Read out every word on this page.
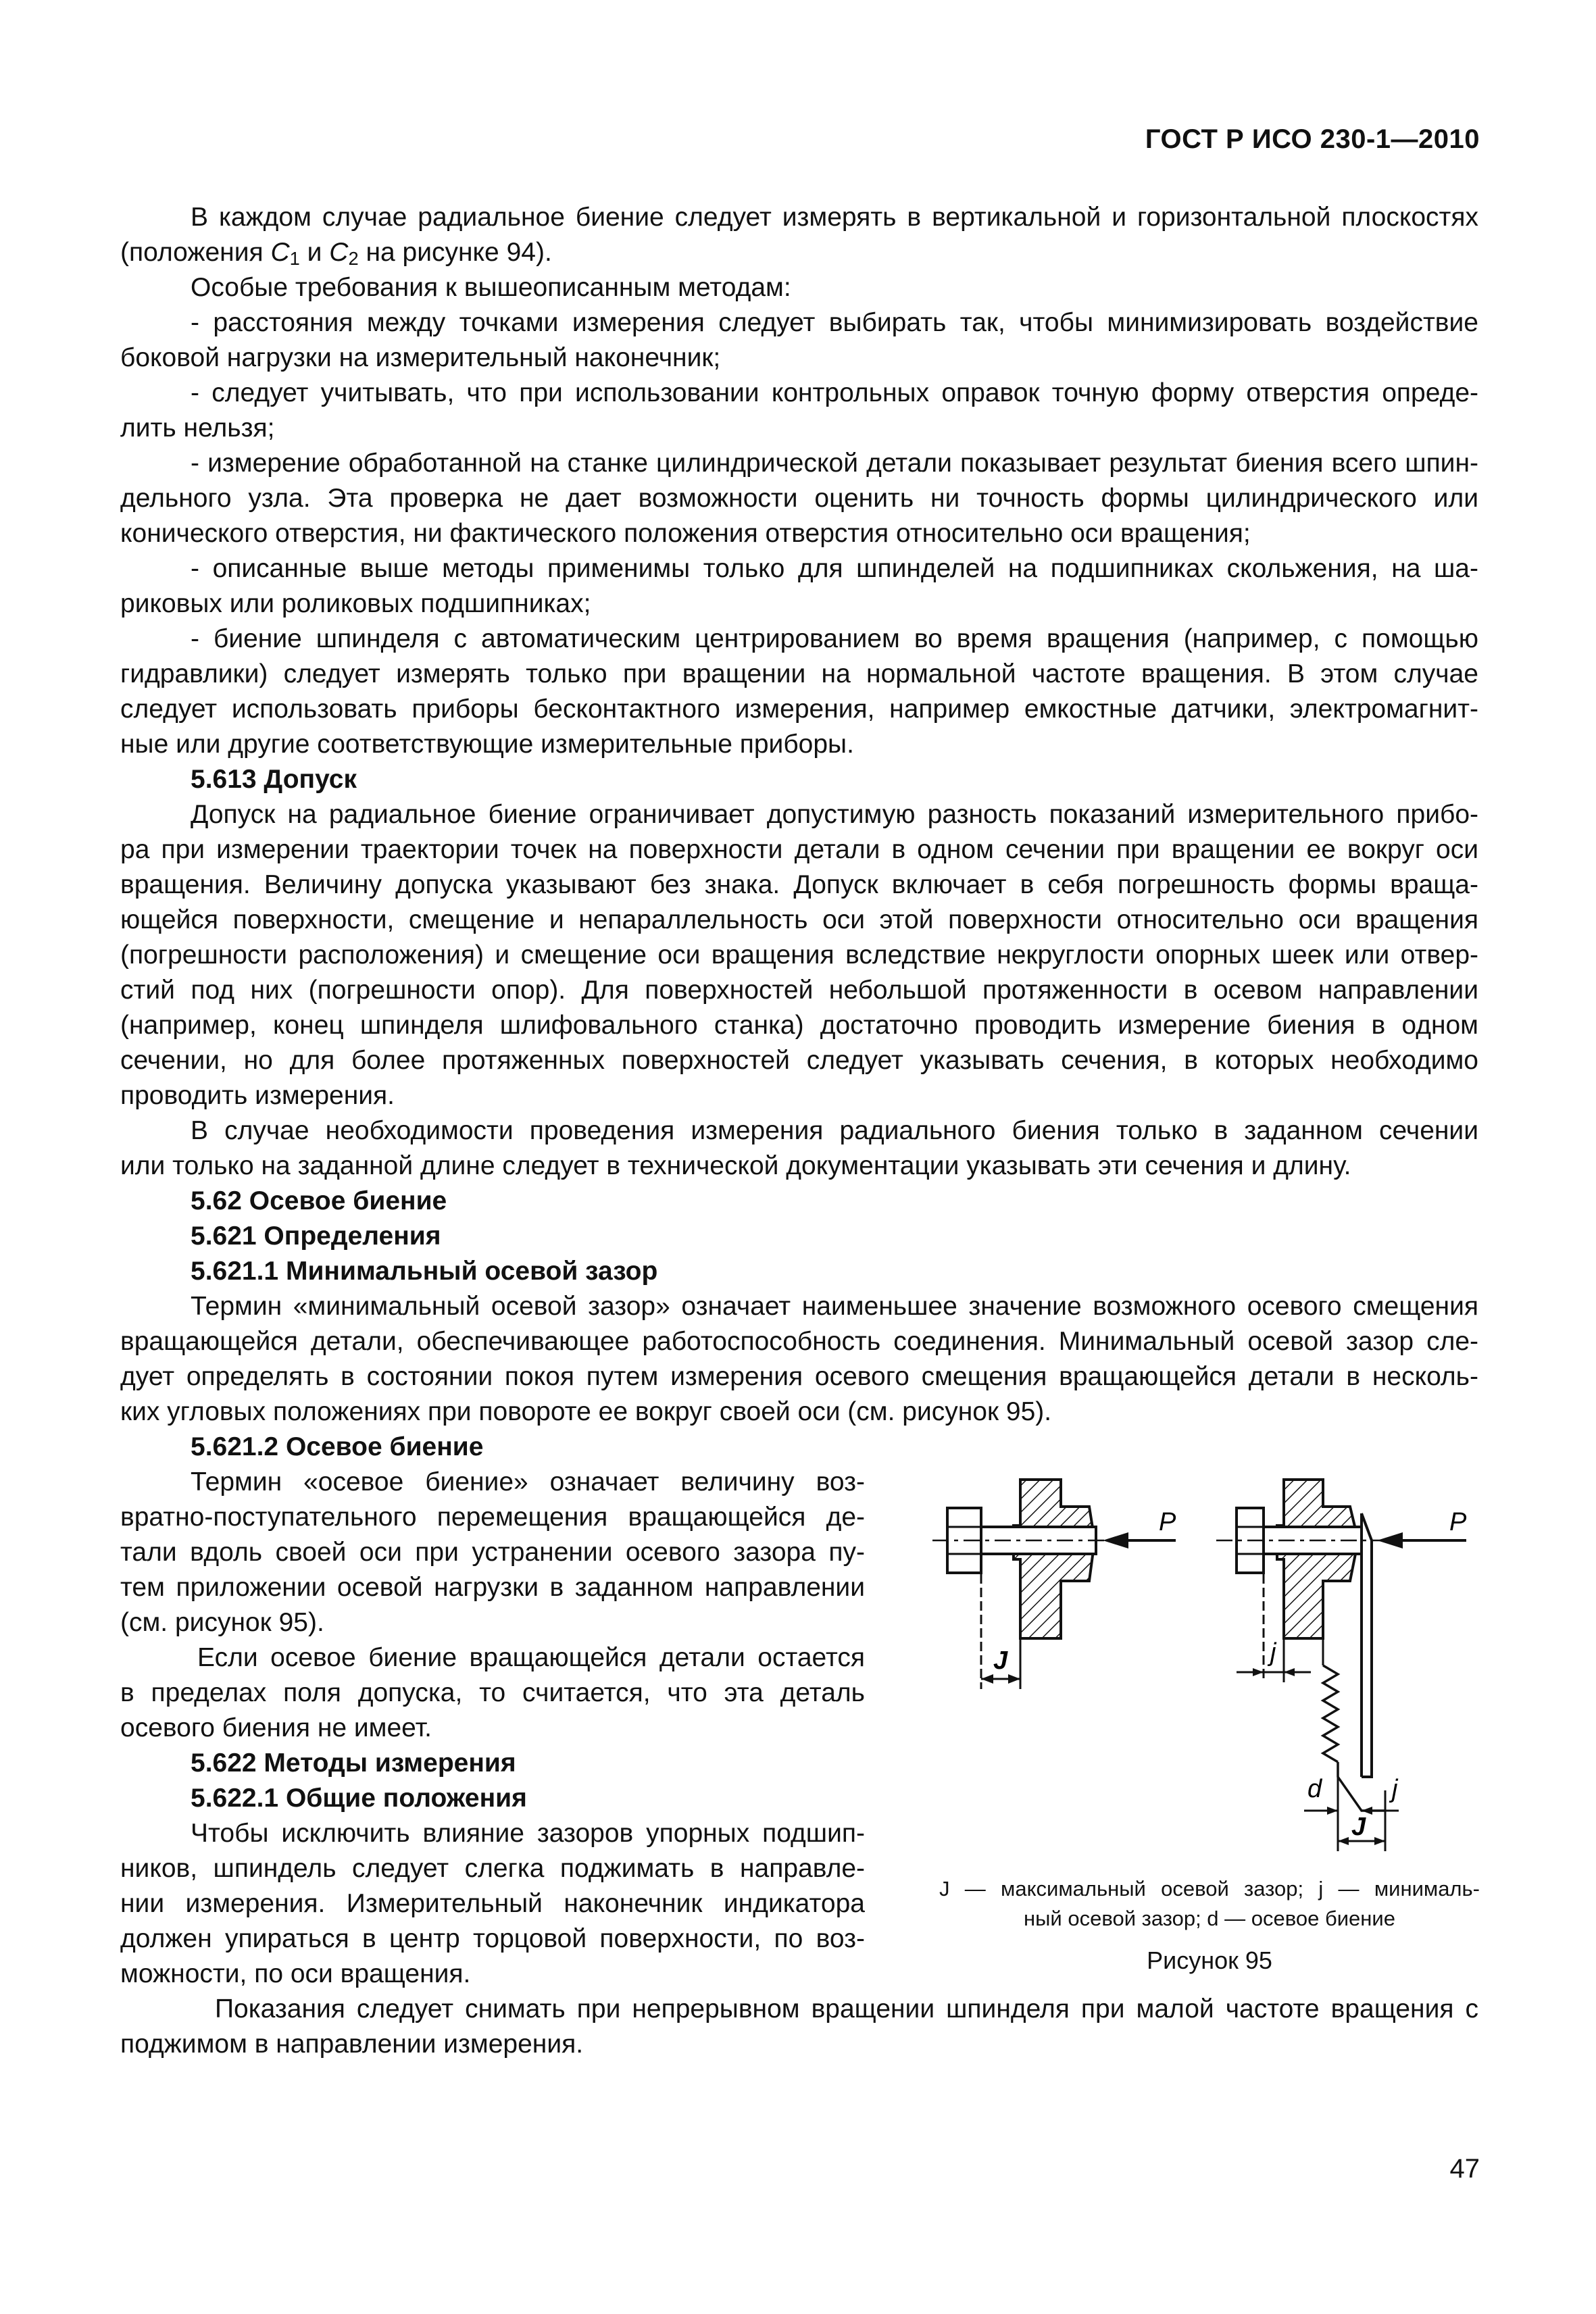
ГОСТ Р ИСО 230-1—2010
В каждом случае радиальное биение следует измерять в вертикальной и горизонтальной плоскостях
(положения $C_1$ и $C_2$ на рисунке 94).
Особые требования к вышеописанным методам:
- расстояния между точками измерения следует выбирать так, чтобы минимизировать воздействие
боковой нагрузки на измерительный наконечник;
- следует учитывать, что при использовании контрольных оправок точную форму отверстия опреде-
лить нельзя;
- измерение обработанной на станке цилиндрической детали показывает результат биения всего шпин-
дельного узла. Эта проверка не дает возможности оценить ни точность формы цилиндрического или
конического отверстия, ни фактического положения отверстия относительно оси вращения;
- описанные выше методы применимы только для шпинделей на подшипниках скольжения, на ша-
риковых или роликовых подшипниках;
- биение шпинделя с автоматическим центрированием во время вращения (например, с помощью
гидравлики) следует измерять только при вращении на нормальной частоте вращения. В этом случае
следует использовать приборы бесконтактного измерения, например емкостные датчики, электромагнит-
ные или другие соответствующие измерительные приборы.
5.613 Допуск
Допуск на радиальное биение ограничивает допустимую разность показаний измерительного прибо-
ра при измерении траектории точек на поверхности детали в одном сечении при вращении ее вокруг оси
вращения. Величину допуска указывают без знака. Допуск включает в себя погрешность формы враща-
ющейся поверхности, смещение и непараллельность оси этой поверхности относительно оси вращения
(погрешности расположения) и смещение оси вращения вследствие некруглости опорных шеек или отвер-
стий под них (погрешности опор). Для поверхностей небольшой протяженности в осевом направлении
(например, конец шпинделя шлифовального станка) достаточно проводить измерение биения в одном
сечении, но для более протяженных поверхностей следует указывать сечения, в которых необходимо
проводить измерения.
В случае необходимости проведения измерения радиального биения только в заданном сечении
или только на заданной длине следует в технической документации указывать эти сечения и длину.
5.62 Осевое биение
5.621 Определения
5.621.1 Минимальный осевой зазор
Термин «минимальный осевой зазор» означает наименьшее значение возможного осевого смещения
вращающейся детали, обеспечивающее работоспособность соединения. Минимальный осевой зазор сле-
дует определять в состоянии покоя путем измерения осевого смещения вращающейся детали в несколь-
ких угловых положениях при повороте ее вокруг своей оси (см. рисунок 95).
5.621.2 Осевое биение
Термин «осевое биение» означает величину воз-
вратно-поступательного перемещения вращающейся де-
тали вдоль своей оси при устранении осевого зазора пу-
тем приложении осевой нагрузки в заданном направлении
(см. рисунок 95).
Если осевое биение вращающейся детали остается
в пределах поля допуска, то считается, что эта деталь
осевого биения не имеет.
5.622 Методы измерения
5.622.1 Общие положения
Чтобы исключить влияние зазоров упорных подшип-
ников, шпиндель следует слегка поджимать в направле-
нии измерения. Измерительный наконечник индикатора
должен упираться в центр торцовой поверхности, по воз-
можности, по оси вращения.
Показания следует снимать при непрерывном вращении шпинделя при малой частоте вращения с
поджимом в направлении измерения.
P
J
P
j
d	j
J
J — максимальный осевой зазор; j — минималь-
ный осевой зазор; d — осевое биение
Рисунок 95
47
